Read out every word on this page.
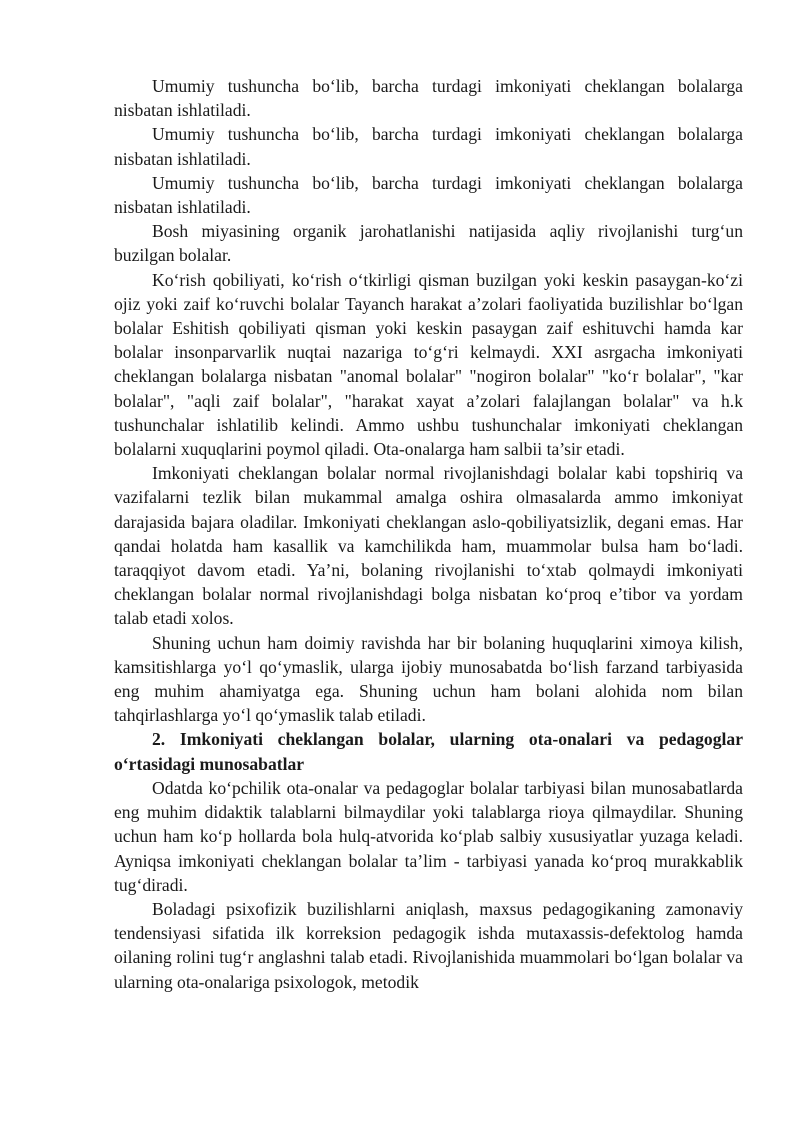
Umumiy tushuncha bo‘lib, barcha turdagi imkoniyati cheklangan bolalarga nisbatan ishlatiladi.

Umumiy tushuncha bo‘lib, barcha turdagi imkoniyati cheklangan bolalarga nisbatan ishlatiladi.

Umumiy tushuncha bo‘lib, barcha turdagi imkoniyati cheklangan bolalarga nisbatan ishlatiladi.

Bosh miyasining organik jarohatlanishi natijasida aqliy rivojlanishi turg‘un buzilgan bolalar.

Ko‘rish qobiliyati, ko‘rish o‘tkirligi qisman buzilgan yoki keskin pasaygan-ko‘zi ojiz yoki zaif ko‘ruvchi bolalar Tayanch harakat a’zolari faoliyatida buzilishlar bo‘lgan bolalar Eshitish qobiliyati qisman yoki keskin pasaygan zaif eshituvchi hamda kar bolalar insonparvarlik nuqtai nazariga to‘g‘ri kelmaydi. XXI asrgacha imkoniyati cheklangan bolalarga nisbatan "anomal bolalar" "nogiron bolalar" "ko‘r bolalar", "kar bolalar", "aqli zaif bolalar", "harakat xayat a’zolari falajlangan bolalar" va h.k tushunchalar ishlatilib kelindi. Ammo ushbu tushunchalar imkoniyati cheklangan bolalarni xuquqlarini poymol qiladi. Ota-onalarga ham salbii ta’sir etadi.

Imkoniyati cheklangan bolalar normal rivojlanishdagi bolalar kabi topshiriq va vazifalarni tezlik bilan mukammal amalga oshira olmasalarda ammo imkoniyat darajasida bajara oladilar. Imkoniyati cheklangan aslo-qobiliyatsizlik, degani emas. Har qandai holatda ham kasallik va kamchilikda ham, muammolar bulsa ham bo‘ladi. taraqqiyot davom etadi. Ya’ni, bolaning rivojlanishi to‘xtab qolmaydi imkoniyati cheklangan bolalar normal rivojlanishdagi bolga nisbatan ko‘proq e’tibor va yordam talab etadi xolos.

Shuning uchun ham doimiy ravishda har bir bolaning huquqlarini ximoya kilish, kamsitishlarga yo‘l qo‘ymaslik, ularga ijobiy munosabatda bo‘lish farzand tarbiyasida eng muhim ahamiyatga ega. Shuning uchun ham bolani alohida nom bilan tahqirlashlarga yo‘l qo‘ymaslik talab etiladi.

2. Imkoniyati cheklangan bolalar, ularning ota-onalari va pedagoglar o‘rtasidagi munosabatlar

Odatda ko‘pchilik ota-onalar va pedagoglar bolalar tarbiyasi bilan munosabatlarda eng muhim didaktik talablarni bilmaydilar yoki talablarga rioya qilmaydilar. Shuning uchun ham ko‘p hollarda bola hulq-atvorida ko‘plab salbiy xususiyatlar yuzaga keladi. Ayniqsa imkoniyati cheklangan bolalar ta’lim - tarbiyasi yanada ko‘proq murakkablik tug‘diradi.

Boladagi psixofizik buzilishlarni aniqlash, maxsus pedagogikaning zamonaviy tendensiyasi sifatida ilk korreksion pedagogik ishda mutaxassis-defektolog hamda oilaning rolini tug‘r anglashni talab etadi. Rivojlanishida muammolari bo‘lgan bolalar va ularning ota-onalariga psixologok, metodik
